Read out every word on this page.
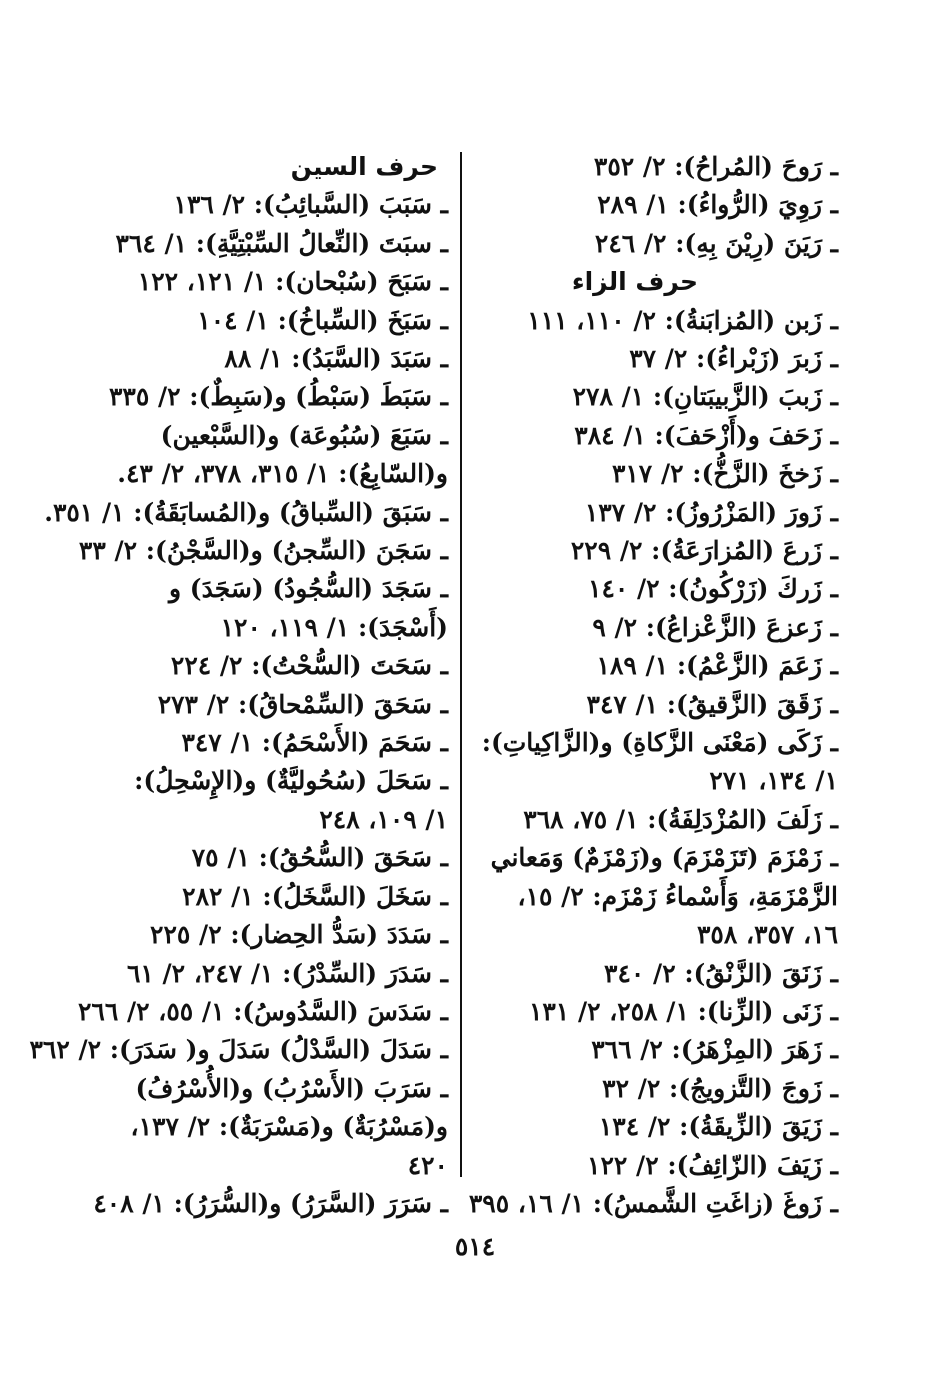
ـ رَوحَ (المُراحُ): ٢/ ٣٥٢
ـ رَوِيَ (الرُّواءُ): ١/ ٢٨٩
ـ رَيَنَ (رِيْنَ بِهِ): ٢/ ٢٤٦
حرف الزاء
ـ زَبن (المُزابَنةُ): ٢/ ١١٠، ١١١
ـ زَبرَ (زَبْراءُ): ٢/ ٣٧
ـ زَببَ (الزَّبيبَتانِ): ١/ ٢٧٨
ـ زَحَفَ و(أَزْحَفَ): ١/ ٣٨٤
ـ زَخخَ (الزَّخُّ): ٢/ ٣١٧
ـ زَورَ (المَزْرُوزُ): ٢/ ١٣٧
ـ زَرعَ (المُزارَعَةُ): ٢/ ٢٢٩
ـ زَركَ (زَرْكُونُ): ٢/ ١٤٠
ـ زَعزعَ (الزَّعْزاعُ): ٢/ ٩
ـ زَعَمَ (الزَّعْمُ): ١/ ١٨٩
ـ زَقَقَ (الزَّقيقُ): ١/ ٣٤٧
ـ زَكَى (مَعْنَى الزَّكاةِ) و(الزَّاكِياتِ): ١/ ١٣٤، ٢٧١
ـ زَلَفَ (المُزْدَلِفَةُ): ١/ ٧٥، ٣٦٨
ـ زَمْزَمَ (تَزَمْزَمَ) و(زَمْزَمٌ) وَمَعاني الزَّمْزَمَةِ، وَأَسْماءُ زَمْزَم: ٢/ ١٥، ١٦، ٣٥٧، ٣٥٨
ـ زَنَقَ (الزَّنْقُ): ٢/ ٣٤٠
ـ زَنَى (الزِّنا): ١/ ٢٥٨، ٢/ ١٣١
ـ زَهَرَ (المِزْهَرُ): ٢/ ٣٦٦
ـ زَوجَ (التَّزويجُ): ٢/ ٣٢
ـ زَيَقَ (الزِّيقَةُ): ٢/ ١٣٤
ـ زَيَفَ (الزّائِفُ): ٢/ ١٢٢
ـ زَوغَ (زاغَتِ الشَّمسُ): ١/ ١٦، ٣٩٥
حرف السين
ـ سَبَبَ (السَّبائِبُ): ٢/ ١٣٦
ـ سبَتَ (النِّعالُ السِّبْتِيَّةِ): ١/ ٣٦٤
ـ سَبَحَ (سُبْحان): ١/ ١٢١، ١٢٢
ـ سَبَخَ (السِّباخُ): ١/ ١٠٤
ـ سَبَدَ (السَّبَدُ): ١/ ٨٨
ـ سَبَطَ (سَبْطُ) و(سَبِطٌ): ٢/ ٣٣٥
ـ سَبَعَ (سُبُوعَة) و(السَّبْعين) و(السّابِعُ): ١/ ٣١٥، ٣٧٨، ٢/ ٤٣.
ـ سَبَقَ (السِّباقُ) و(المُسابَقَةُ): ١/ ٣٥١.
ـ سَجَنَ (السِّجنُ) و(السَّجْنُ): ٢/ ٣٣
ـ سَجَدَ (السُّجُودُ) (سَجَدَ) و (أَسْجَدَ): ١/ ١١٩، ١٢٠
ـ سَحَتَ (السُّحْتُ): ٢/ ٢٢٤
ـ سَحَقَ (السِّمْحاقُ): ٢/ ٢٧٣
ـ سَحَمَ (الأَسْحَمُ): ١/ ٣٤٧
ـ سَحَلَ (سُحُوليَّةٌ) و(الإِسْحِلُ): ١/ ١٠٩، ٢٤٨
ـ سَحَقَ (السُّحُقُ): ١/ ٧٥
ـ سَخَلَ (السَّخَلُ): ١/ ٢٨٢
ـ سَدَدَ (سَدُّ الحِضار): ٢/ ٢٢٥
ـ سَدَرَ (السِّدْرُ): ١/ ٢٤٧، ٢/ ٦١
ـ سَدَسَ (السَّدُوسُ): ١/ ٥٥، ٢/ ٢٦٦
ـ سَدَلَ (السَّدْلُ) سَدَلَ و( سَدَرَ): ٢/ ٣٦٢
ـ سَرَبَ (الأَسْرُبُ) و(الأُسْرُفُ) و(مَسْرُبَةٌ) و(مَسْرَبَةٌ): ٢/ ١٣٧، ٤٢٠
ـ سَرَرَ (السَّرَرُ) و(السُّرَرُ): ١/ ٤٠٨
٥١٤
